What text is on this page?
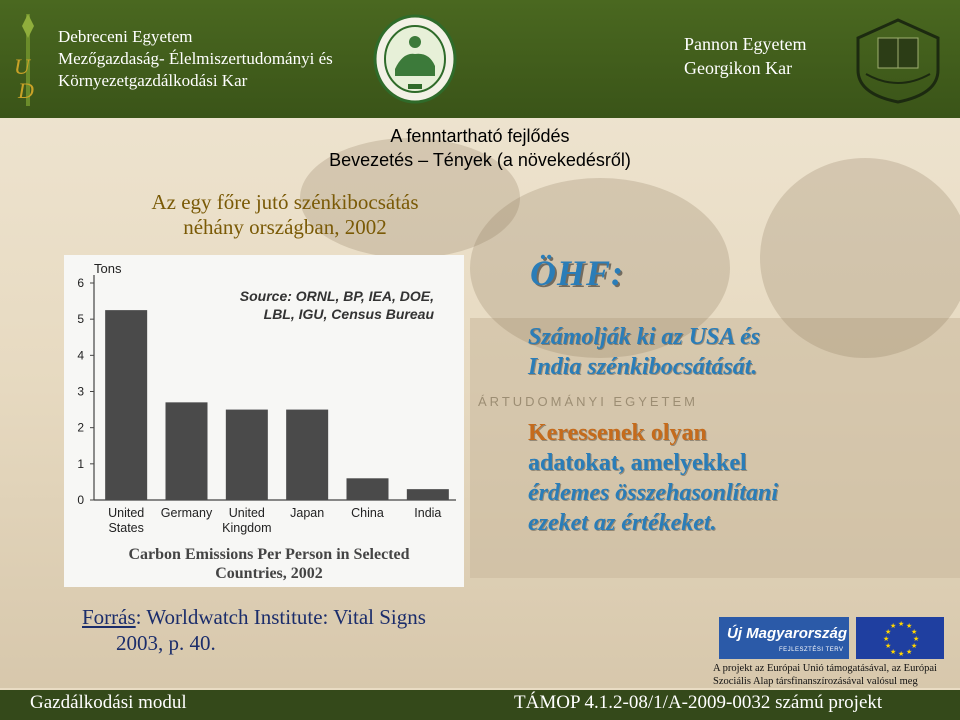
ÁRTUDOMÁNYI EGYETEM
U
D
Debreceni Egyetem
Mezőgazdaság- Élelmiszertudományi és
Környezetgazdálkodási Kar
Pannon Egyetem
Georgikon Kar
A fenntartható fejlődés
Bevezetés – Tények (a növekedésről)
Az egy főre jutó szénkibocsátás
néhány országban, 2002
Tons
0
1
2
3
4
5
6
Source: ORNL, BP, IEA, DOE,
LBL, IGU, Census Bureau
United
States
Germany United
Kingdom
Japan China India
Carbon Emissions Per Person in Selected
Countries, 2002
ÖHF:
Számolják ki az USA és
India szénkibocsátását.
Keressenek olyan
adatokat, amelyekkel
érdemes összehasonlítani
ezeket az értékeket.
Forrás: Worldwatch Institute: Vital Signs
2003, p. 40.	Új Magyarország
FEJLESZTÉSI TERV
★ ★
★
★
★
★
★
★
★
★
★
★
A projekt az Európai Unió támogatásával, az Európai Szociális Alap társfinanszírozásával valósul meg
Gazdálkodási modul	TÁMOP 4.1.2-08/1/A-2009-0032 számú projekt
